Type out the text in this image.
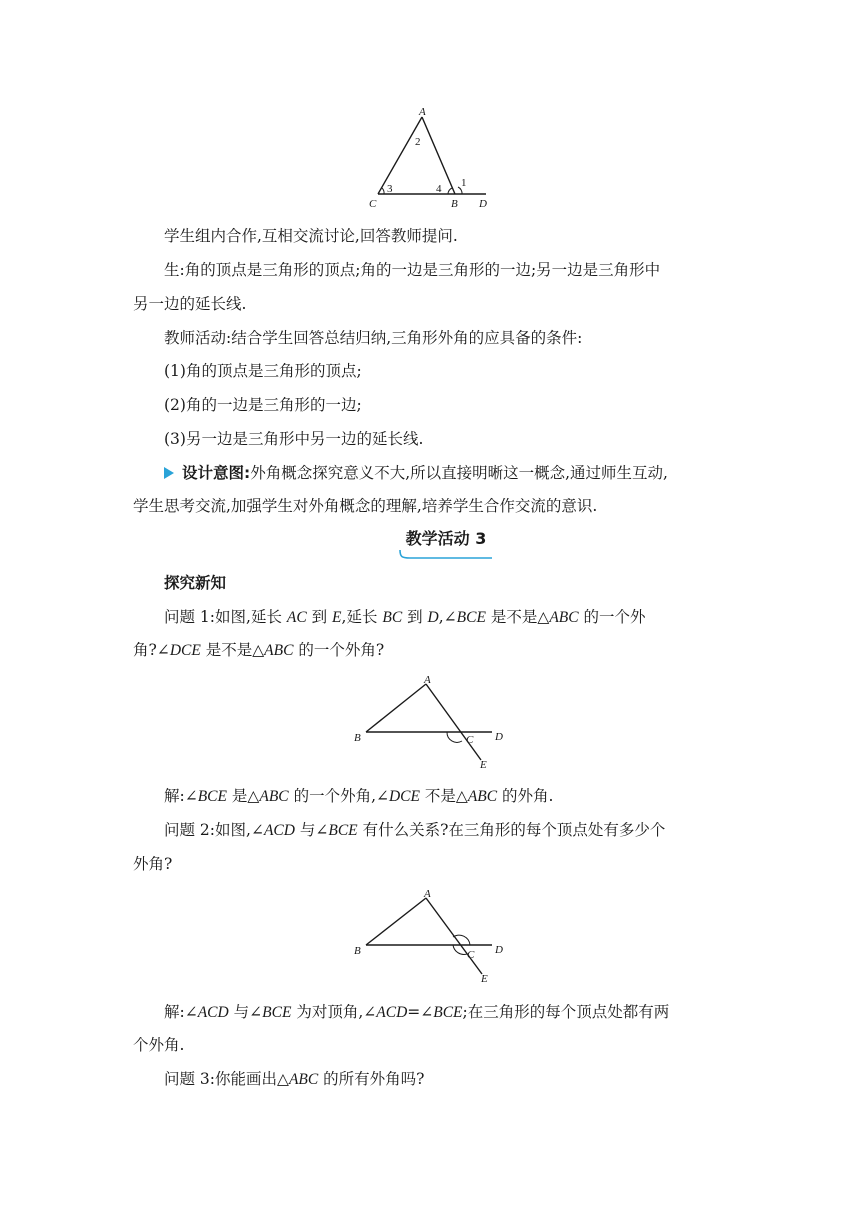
A
2
3	4 1
C	B D
学生组内合作,互相交流讨论,回答教师提问.
生:角的顶点是三角形的顶点;角的一边是三角形的一边;另一边是三角形中
另一边的延长线.
教师活动:结合学生回答总结归纳,三角形外角的应具备的条件:
(1)角的顶点是三角形的顶点;
(2)角的一边是三角形的一边;
(3)另一边是三角形中另一边的延长线.
设计意图:外角概念探究意义不大,所以直接明晰这一概念,通过师生互动,
学生思考交流,加强学生对外角概念的理解,培养学生合作交流的意识.
教学活动 3
探究新知
问题 1:如图,延长 AC 到 E,延长 BC 到 D,∠BCE 是不是△ABC 的一个外
角?∠DCE 是不是△ABC 的一个外角?
A
B	C D
E
解:∠BCE 是△ABC 的一个外角,∠DCE 不是△ABC 的外角.
问题 2:如图,∠ACD 与∠BCE 有什么关系?在三角形的每个顶点处有多少个
外角?
A
B	C D
E
解:∠ACD 与∠BCE 为对顶角,∠ACD=∠BCE;在三角形的每个顶点处都有两
个外角.
问题 3:你能画出△ABC 的所有外角吗?
